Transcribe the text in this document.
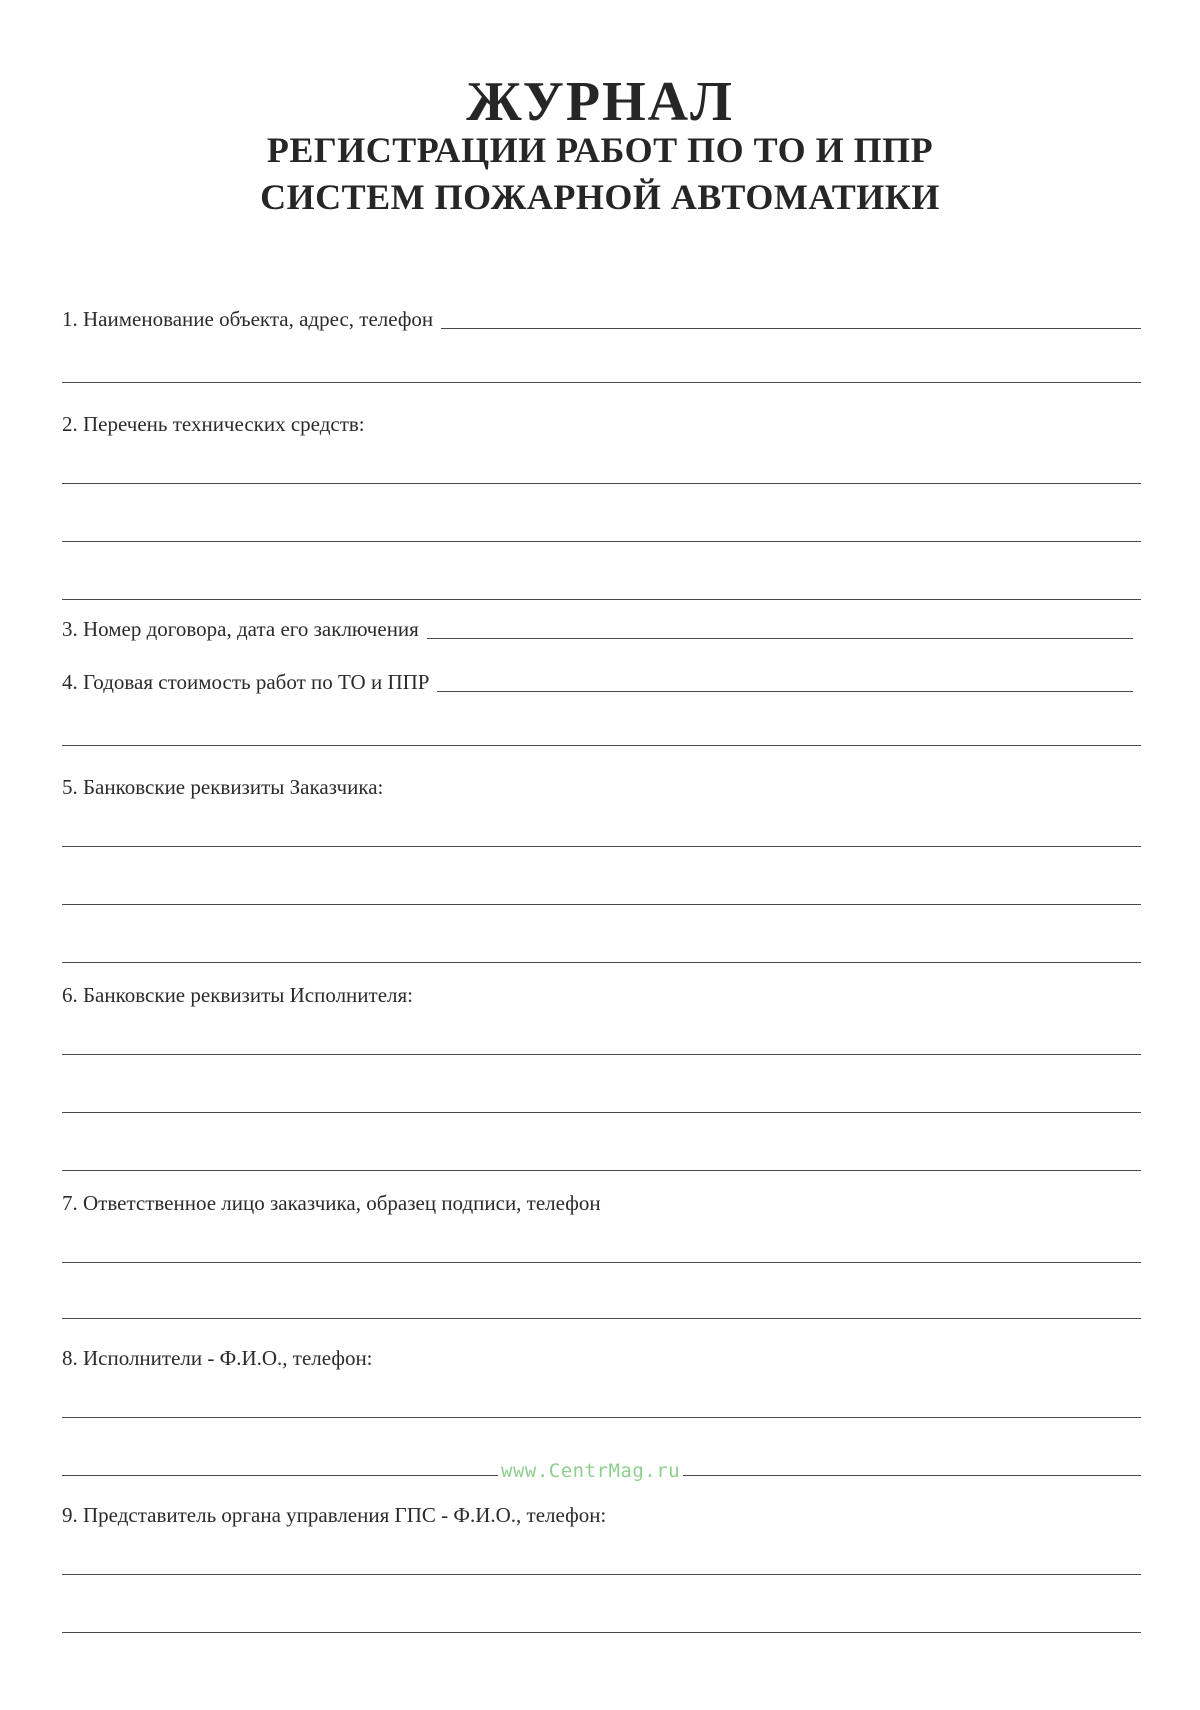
ЖУРНАЛ
РЕГИСТРАЦИИ РАБОТ ПО ТО И ППР
СИСТЕМ ПОЖАРНОЙ АВТОМАТИКИ
1. Наименование объекта, адрес, телефон
2. Перечень технических средств:
3. Номер договора, дата его заключения
4. Годовая стоимость работ по ТО и ППР
5. Банковские реквизиты Заказчика:
6. Банковские реквизиты Исполнителя:
7. Ответственное лицо заказчика, образец подписи, телефон
8. Исполнители - Ф.И.О., телефон:
www.CentrMag.ru
9. Представитель органа управления ГПС - Ф.И.О., телефон:
